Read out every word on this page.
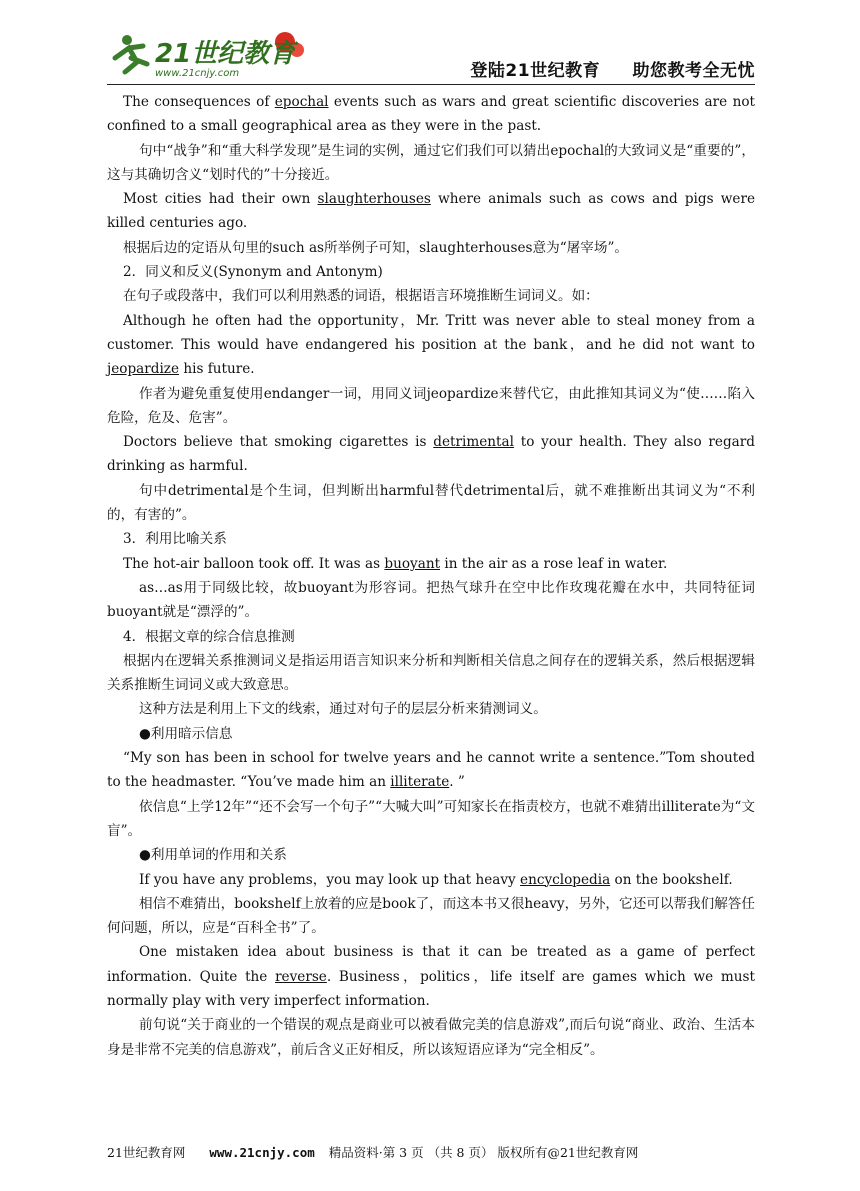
21世纪教育
www.21cnjy.com	登陆21世纪教育 助您教考全无忧

The consequences of epochal events such as wars and great scientific discoveries are not confined to a small geographical area as they were in the past.

句中“战争”和“重大科学发现”是生词的实例，通过它们我们可以猜出epochal的大致词义是“重要的”，这与其确切含义“划时代的”十分接近。

Most cities had their own slaughterhouses where animals such as cows and pigs were killed centuries ago.

根据后边的定语从句里的such as所举例子可知，slaughterhouses意为“屠宰场”。

2．同义和反义(Synonym and Antonym)

在句子或段落中，我们可以利用熟悉的词语，根据语言环境推断生词词义。如：

Although he often had the opportunity，Mr. Tritt was never able to steal money from a customer. This would have endangered his position at the bank，and he did not want to jeopardize his future.

作者为避免重复使用endanger一词，用同义词jeopardize来替代它，由此推知其词义为“使……陷入危险，危及、危害”。

Doctors believe that smoking cigarettes is detrimental to your health. They also regard drinking as harmful.

句中detrimental是个生词，但判断出harmful替代detrimental后，就不难推断出其词义为“不利的，有害的”。

3．利用比喻关系

The hot-air balloon took off. It was as buoyant in the air as a rose leaf in water.

as…as用于同级比较，故buoyant为形容词。把热气球升在空中比作玫瑰花瓣在水中，共同特征词buoyant就是“漂浮的”。

4．根据文章的综合信息推测

根据内在逻辑关系推测词义是指运用语言知识来分析和判断相关信息之间存在的逻辑关系，然后根据逻辑关系推断生词词义或大致意思。

这种方法是利用上下文的线索，通过对句子的层层分析来猜测词义。

●利用暗示信息

“My son has been in school for twelve years and he cannot write a sentence.”Tom shouted to the headmaster. “You’ve made him an illiterate. ”

依信息“上学12年”“还不会写一个句子”“大喊大叫”可知家长在指责校方，也就不难猜出illiterate为“文盲”。

●利用单词的作用和关系

If you have any problems，you may look up that heavy encyclopedia on the bookshelf.

相信不难猜出，bookshelf上放着的应是book了，而这本书又很heavy，另外，它还可以帮我们解答任何问题，所以，应是“百科全书”了。

One mistaken idea about business is that it can be treated as a game of perfect information. Quite the reverse. Business，politics，life itself are games which we must normally play with very imperfect information.

前句说“关于商业的一个错误的观点是商业可以被看做完美的信息游戏”,而后句说“商业、政治、生活本身是非常不完美的信息游戏”，前后含义正好相反，所以该短语应译为“完全相反”。

21世纪教育网 www.21cnjy.com 精品资料·第 3 页 （共 8 页） 版权所有@21世纪教育网
